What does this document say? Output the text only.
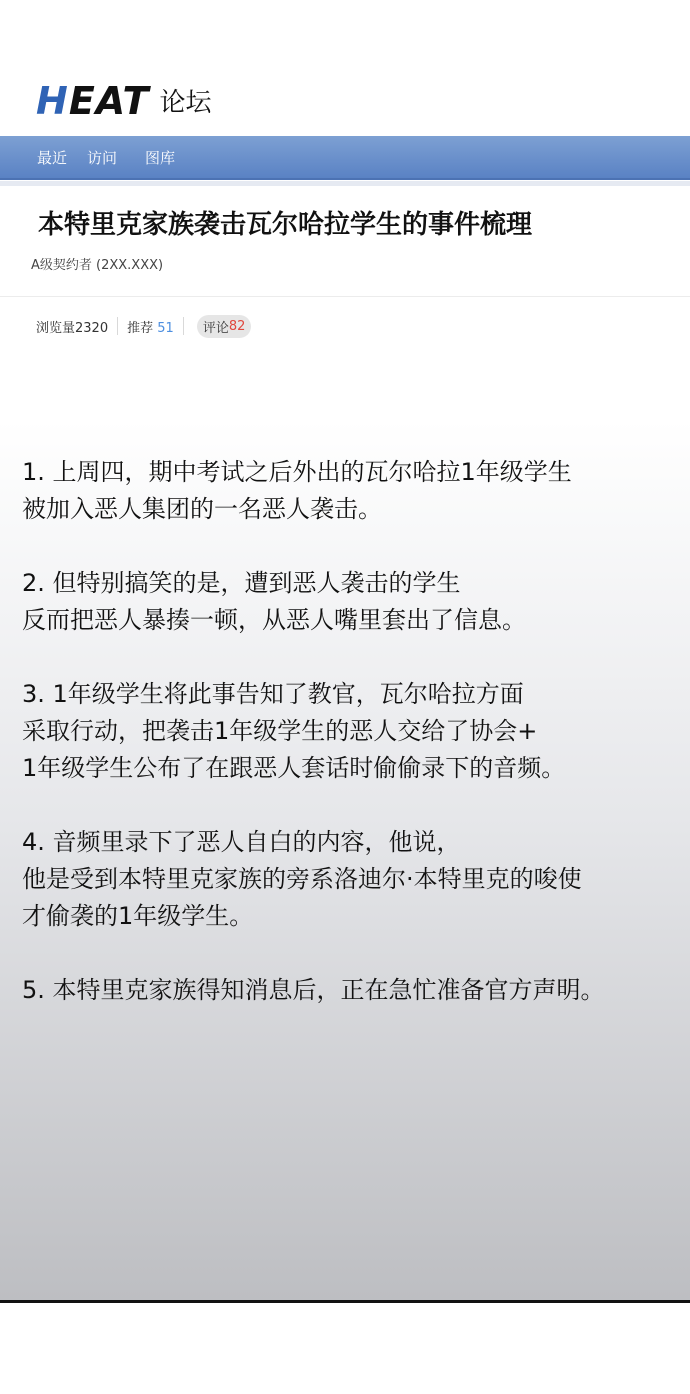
HEAT 论坛
最近 访问 图库
本特里克家族袭击瓦尔哈拉学生的事件梳理
A级契约者 (2XX.XXX)
浏览量2320 推荐 51 评论 82
1. 上周四，期中考试之后外出的瓦尔哈拉1年级学生
被加入恶人集团的一名恶人袭击。
2. 但特别搞笑的是，遭到恶人袭击的学生
反而把恶人暴揍一顿，从恶人嘴里套出了信息。
3. 1年级学生将此事告知了教官，瓦尔哈拉方面
采取行动，把袭击1年级学生的恶人交给了协会+
1年级学生公布了在跟恶人套话时偷偷录下的音频。
4. 音频里录下了恶人自白的内容，他说，
他是受到本特里克家族的旁系洛迪尔·本特里克的唆使
才偷袭的1年级学生。
5. 本特里克家族得知消息后，正在急忙准备官方声明。
